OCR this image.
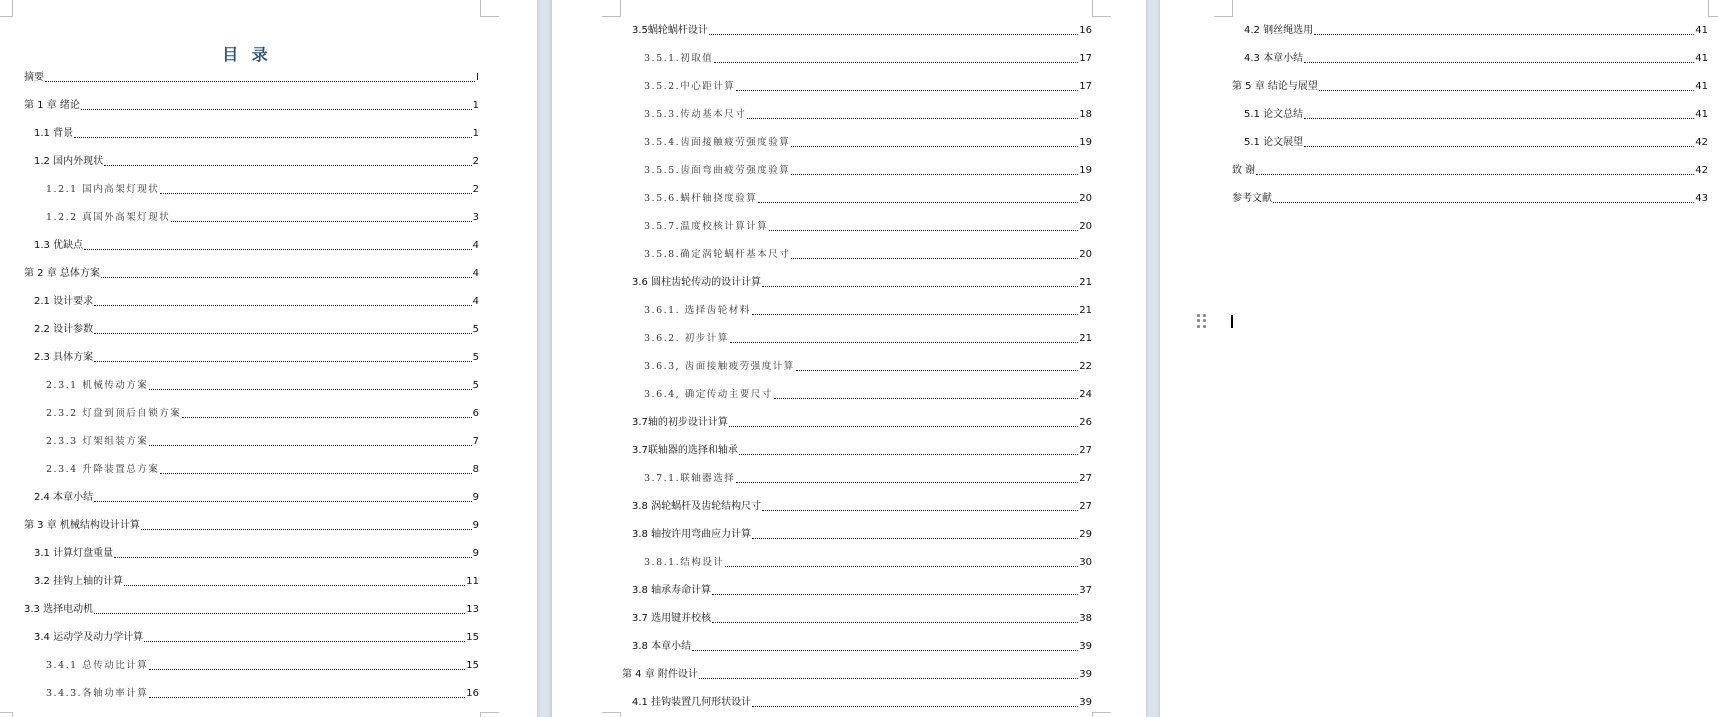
目 录
摘要	I
第 1 章 绪论	1
1.1 背景	1
1.2 国内外现状	2
1.2.1 国内高架灯现状	2
1.2.2 真国外高架灯现状	3
1.3 优缺点	4
第 2 章 总体方案	4
2.1 设计要求	4
2.2 设计参数	5
2.3 具体方案	5
2.3.1 机械传动方案	5
2.3.2 灯盘到顶后自锁方案	6
2.3.3 灯架组装方案	7
2.3.4 升降装置总方案	8
2.4 本章小结	9
第 3 章 机械结构设计计算	9
3.1 计算灯盘重量	9
3.2 挂钩上轴的计算	11
3.3 选择电动机	13
3.4 运动学及动力学计算	15
3.4.1 总传动比计算	15
3.4.3.各轴功率计算	16
3.5蜗轮蜗杆设计	16
3.5.1.初取值	17
3.5.2.中心距计算	17
3.5.3.传动基本尺寸	18
3.5.4.齿面接触疲劳强度验算	19
3.5.5.齿面弯曲疲劳强度验算	19
3.5.6.蜗杆轴挠度验算	20
3.5.7.温度校核计算计算	20
3.5.8.确定涡轮蜗杆基本尺寸	20
3.6 圆柱齿轮传动的设计计算	21
3.6.1. 选择齿轮材料	21
3.6.2. 初步计算	21
3.6.3, 齿面接触疲劳强度计算	22
3.6.4, 确定传动主要尺寸	24
3.7轴的初步设计计算	26
3.7联轴器的选择和轴承	27
3.7.1.联轴器选择	27
3.8 涡轮蜗杆及齿轮结构尺寸	27
3.8 轴按许用弯曲应力计算	29
3.8.1.结构设计	30
3.8 轴承寿命计算	37
3.7 选用键并校核	38
3.8 本章小结	39
第 4 章 附件设计	39
4.1 挂钩装置几何形状设计	39
4.2 钢丝绳选用	41
4.3 本章小结	41
第 5 章 结论与展望	41
5.1 论文总结	41
5.1 论文展望	42
致 谢	42
参考文献	43
